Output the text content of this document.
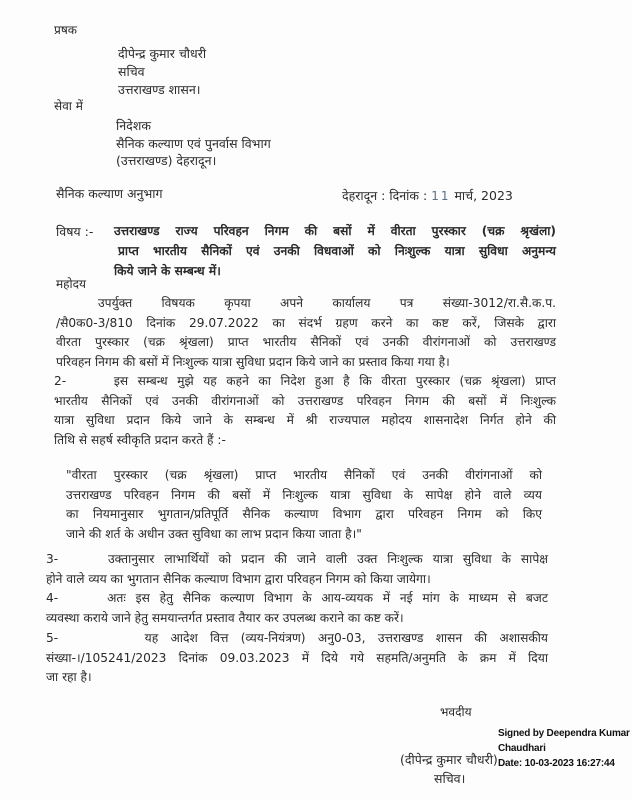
प्रषक
दीपेन्द्र कुमार चौधरी
सचिव
उत्तराखण्ड शासन।
सेवा में
निदेशक
सैनिक कल्याण एवं पुनर्वास विभाग
(उत्तराखण्ड) देहरादून।
सैनिक कल्याण अनुभाग	देहरादून : दिनांक : 11 मार्च, 2023
विषय :- उत्तराखण्ड राज्य परिवहन निगम की बसों में वीरता पुरस्कार (चक्र श्रृखंला)
प्राप्त भारतीय सैनिकों एवं उनकी विधवाओं को निःशुल्क यात्रा सुविधा अनुमन्य
किये जाने के सम्बन्ध में।
महोदय
उपर्युक्त विषयक कृपया अपने कार्यालय पत्र संख्या-3012/रा.सै.क.प.
/सै0क0-3/810 दिनांक 29.07.2022 का संदर्भ ग्रहण करने का कष्ट करें, जिसके द्वारा
वीरता पुरस्कार (चक्र श्रृंखला) प्राप्त भारतीय सैनिकों एवं उनकी वीरांगनाओं को उत्तराखण्ड
परिवहन निगम की बसों में निःशुल्क यात्रा सुविधा प्रदान किये जाने का प्रस्ताव किया गया है।
2-     इस सम्बन्ध मुझे यह कहने का निदेश हुआ है कि वीरता पुरस्कार (चक्र श्रृंखला) प्राप्त
भारतीय सैनिकों एवं उनकी वीरांगनाओं को उत्तराखण्ड परिवहन निगम की बसों में निःशुल्क
यात्रा सुविधा प्रदान किये जाने के सम्बन्ध में श्री राज्यपाल महोदय शासनादेश निर्गत होने की
तिथि से सहर्ष स्वीकृति प्रदान करते हैं :-
"वीरता पुरस्कार (चक्र श्रृंखला) प्राप्त भारतीय सैनिकों एवं उनकी वीरांगनाओं को
उत्तराखण्ड परिवहन निगम की बसों में निःशुल्क यात्रा सुविधा के सापेक्ष होने वाले व्यय
का नियमानुसार भुगतान/प्रतिपूर्ति सैनिक कल्याण विभाग द्वारा परिवहन निगम को किए
जाने की शर्त के अधीन उक्त सुविधा का लाभ प्रदान किया जाता है।"
3-     उक्तानुसार लाभार्थियों को प्रदान की जाने वाली उक्त निःशुल्क यात्रा सुविधा के सापेक्ष
होने वाले व्यय का भुगतान सैनिक कल्याण विभाग द्वारा परिवहन निगम को किया जायेगा।
4-     अतः इस हेतु सैनिक कल्याण विभाग के आय-व्ययक में नई मांग के माध्यम से बजट
व्यवस्था कराये जाने हेतु समयान्तर्गत प्रस्ताव तैयार कर उपलब्ध कराने का कष्ट करें।
5-       यह आदेश वित्त (व्यय-नियंत्रण) अनु0-03, उत्तराखण्ड शासन की अशासकीय
संख्या-।/105241/2023 दिनांक 09.03.2023 में दिये गये सहमति/अनुमति के क्रम में दिया
जा रहा है।
भवदीय
(दीपेन्द्र कुमार चौधरी)
सचिव।
Signed by Deependra Kumar
Chaudhari
Date: 10-03-2023 16:27:44
